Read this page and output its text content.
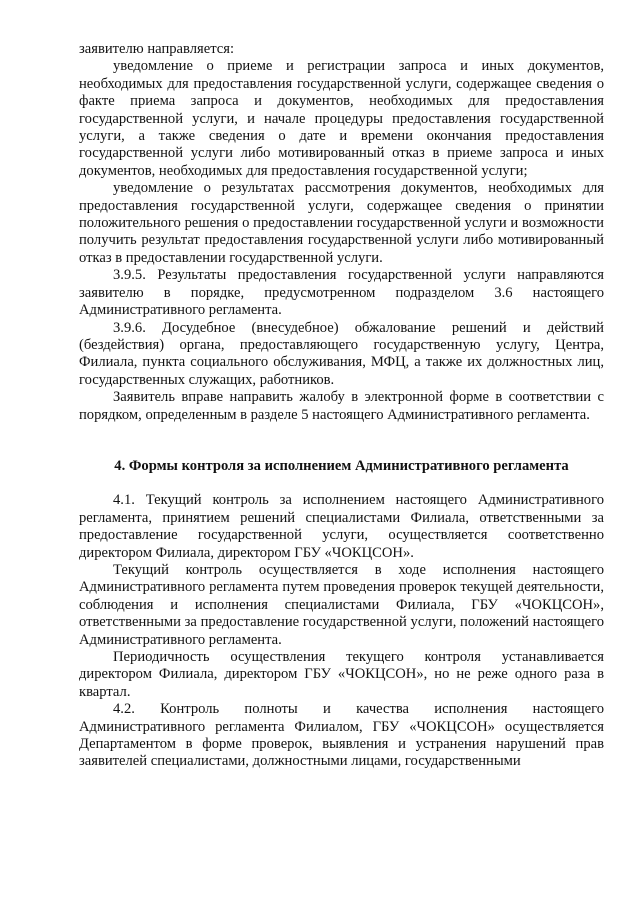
заявителю направляется:

уведомление о приеме и регистрации запроса и иных документов, необходимых для предоставления государственной услуги, содержащее сведения о факте приема запроса и документов, необходимых для предоставления государственной услуги, и начале процедуры предоставления государственной услуги, а также сведения о дате и времени окончания предоставления государственной услуги либо мотивированный отказ в приеме запроса и иных документов, необходимых для предоставления государственной услуги;

уведомление о результатах рассмотрения документов, необходимых для предоставления государственной услуги, содержащее сведения о принятии положительного решения о предоставлении государственной услуги и возможности получить результат предоставления государственной услуги либо мотивированный отказ в предоставлении государственной услуги.

3.9.5. Результаты предоставления государственной услуги направляются заявителю в порядке, предусмотренном подразделом 3.6 настоящего Административного регламента.

3.9.6. Досудебное (внесудебное) обжалование решений и действий (бездействия) органа, предоставляющего государственную услугу, Центра, Филиала, пункта социального обслуживания, МФЦ, а также их должностных лиц, государственных служащих, работников.

Заявитель вправе направить жалобу в электронной форме в соответствии с порядком, определенным в разделе 5 настоящего Административного регламента.

4. Формы контроля за исполнением Административного регламента

4.1. Текущий контроль за исполнением настоящего Административного регламента, принятием решений специалистами Филиала, ответственными за предоставление государственной услуги, осуществляется соответственно директором Филиала, директором ГБУ «ЧОКЦСОН».

Текущий контроль осуществляется в ходе исполнения настоящего Административного регламента путем проведения проверок текущей деятельности, соблюдения и исполнения специалистами Филиала, ГБУ «ЧОКЦСОН», ответственными за предоставление государственной услуги, положений настоящего Административного регламента.

Периодичность осуществления текущего контроля устанавливается директором Филиала, директором ГБУ «ЧОКЦСОН», но не реже одного раза в квартал.

4.2. Контроль полноты и качества исполнения настоящего Административного регламента Филиалом, ГБУ «ЧОКЦСОН» осуществляется Департаментом в форме проверок, выявления и устранения нарушений прав заявителей специалистами, должностными лицами, государственными
